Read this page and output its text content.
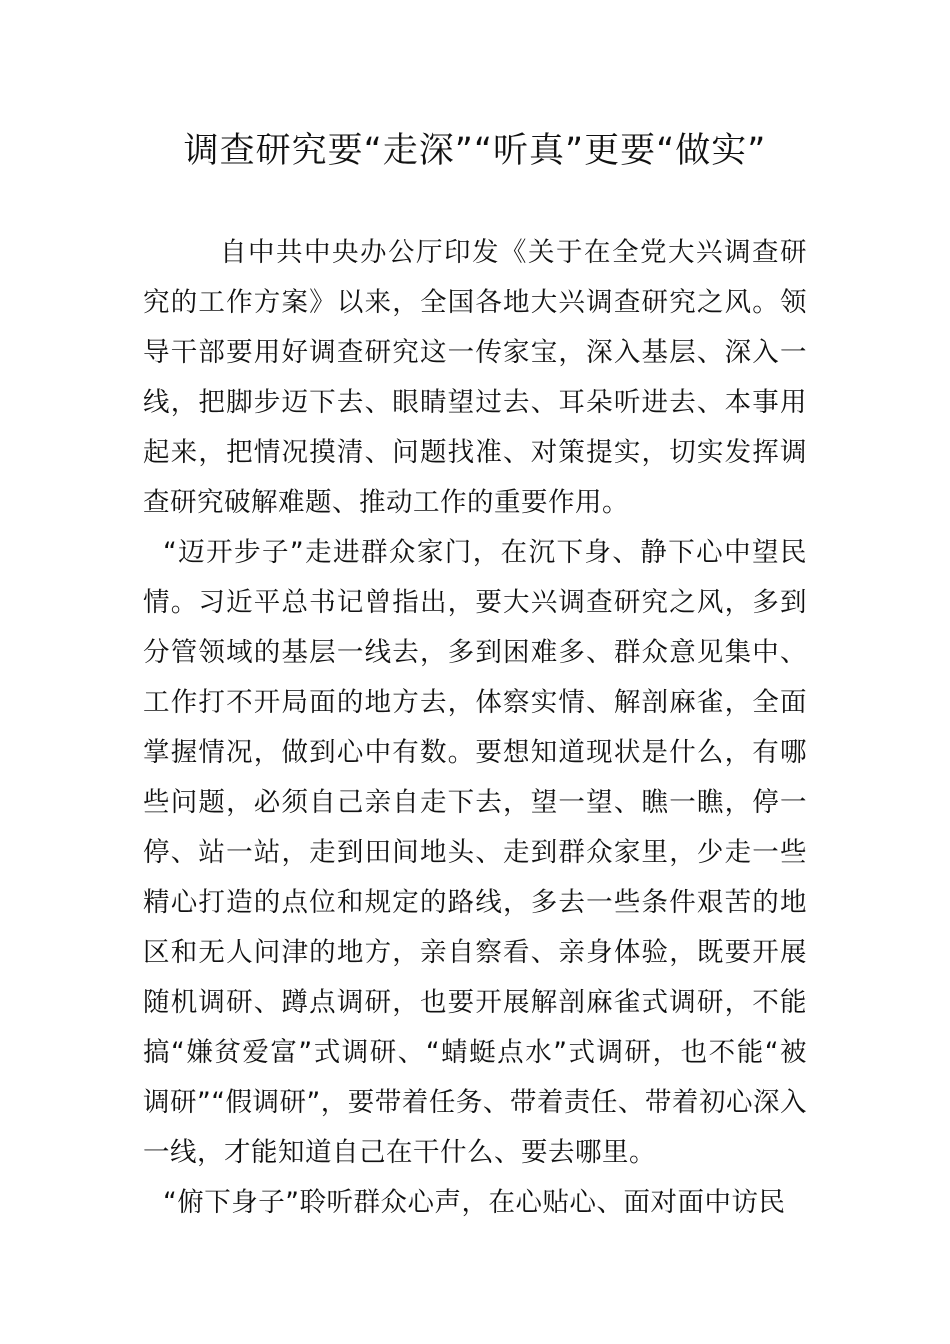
调查研究要“走深”“听真”更要“做实”

自中共中央办公厅印发《关于在全党大兴调查研究的工作方案》以来，全国各地大兴调查研究之风。领导干部要用好调查研究这一传家宝，深入基层、深入一线，把脚步迈下去、眼睛望过去、耳朵听进去、本事用起来，把情况摸清、问题找准、对策提实，切实发挥调查研究破解难题、推动工作的重要作用。

“迈开步子”走进群众家门，在沉下身、静下心中望民情。习近平总书记曾指出，要大兴调查研究之风，多到分管领域的基层一线去，多到困难多、群众意见集中、工作打不开局面的地方去，体察实情、解剖麻雀，全面掌握情况，做到心中有数。要想知道现状是什么，有哪些问题，必须自己亲自走下去，望一望、瞧一瞧，停一停、站一站，走到田间地头、走到群众家里，少走一些精心打造的点位和规定的路线，多去一些条件艰苦的地区和无人问津的地方，亲自察看、亲身体验，既要开展随机调研、蹲点调研，也要开展解剖麻雀式调研，不能搞“嫌贫爱富”式调研、“蜻蜓点水”式调研，也不能“被调研”“假调研”，要带着任务、带着责任、带着初心深入一线，才能知道自己在干什么、要去哪里。

“俯下身子”聆听群众心声，在心贴心、面对面中访民
